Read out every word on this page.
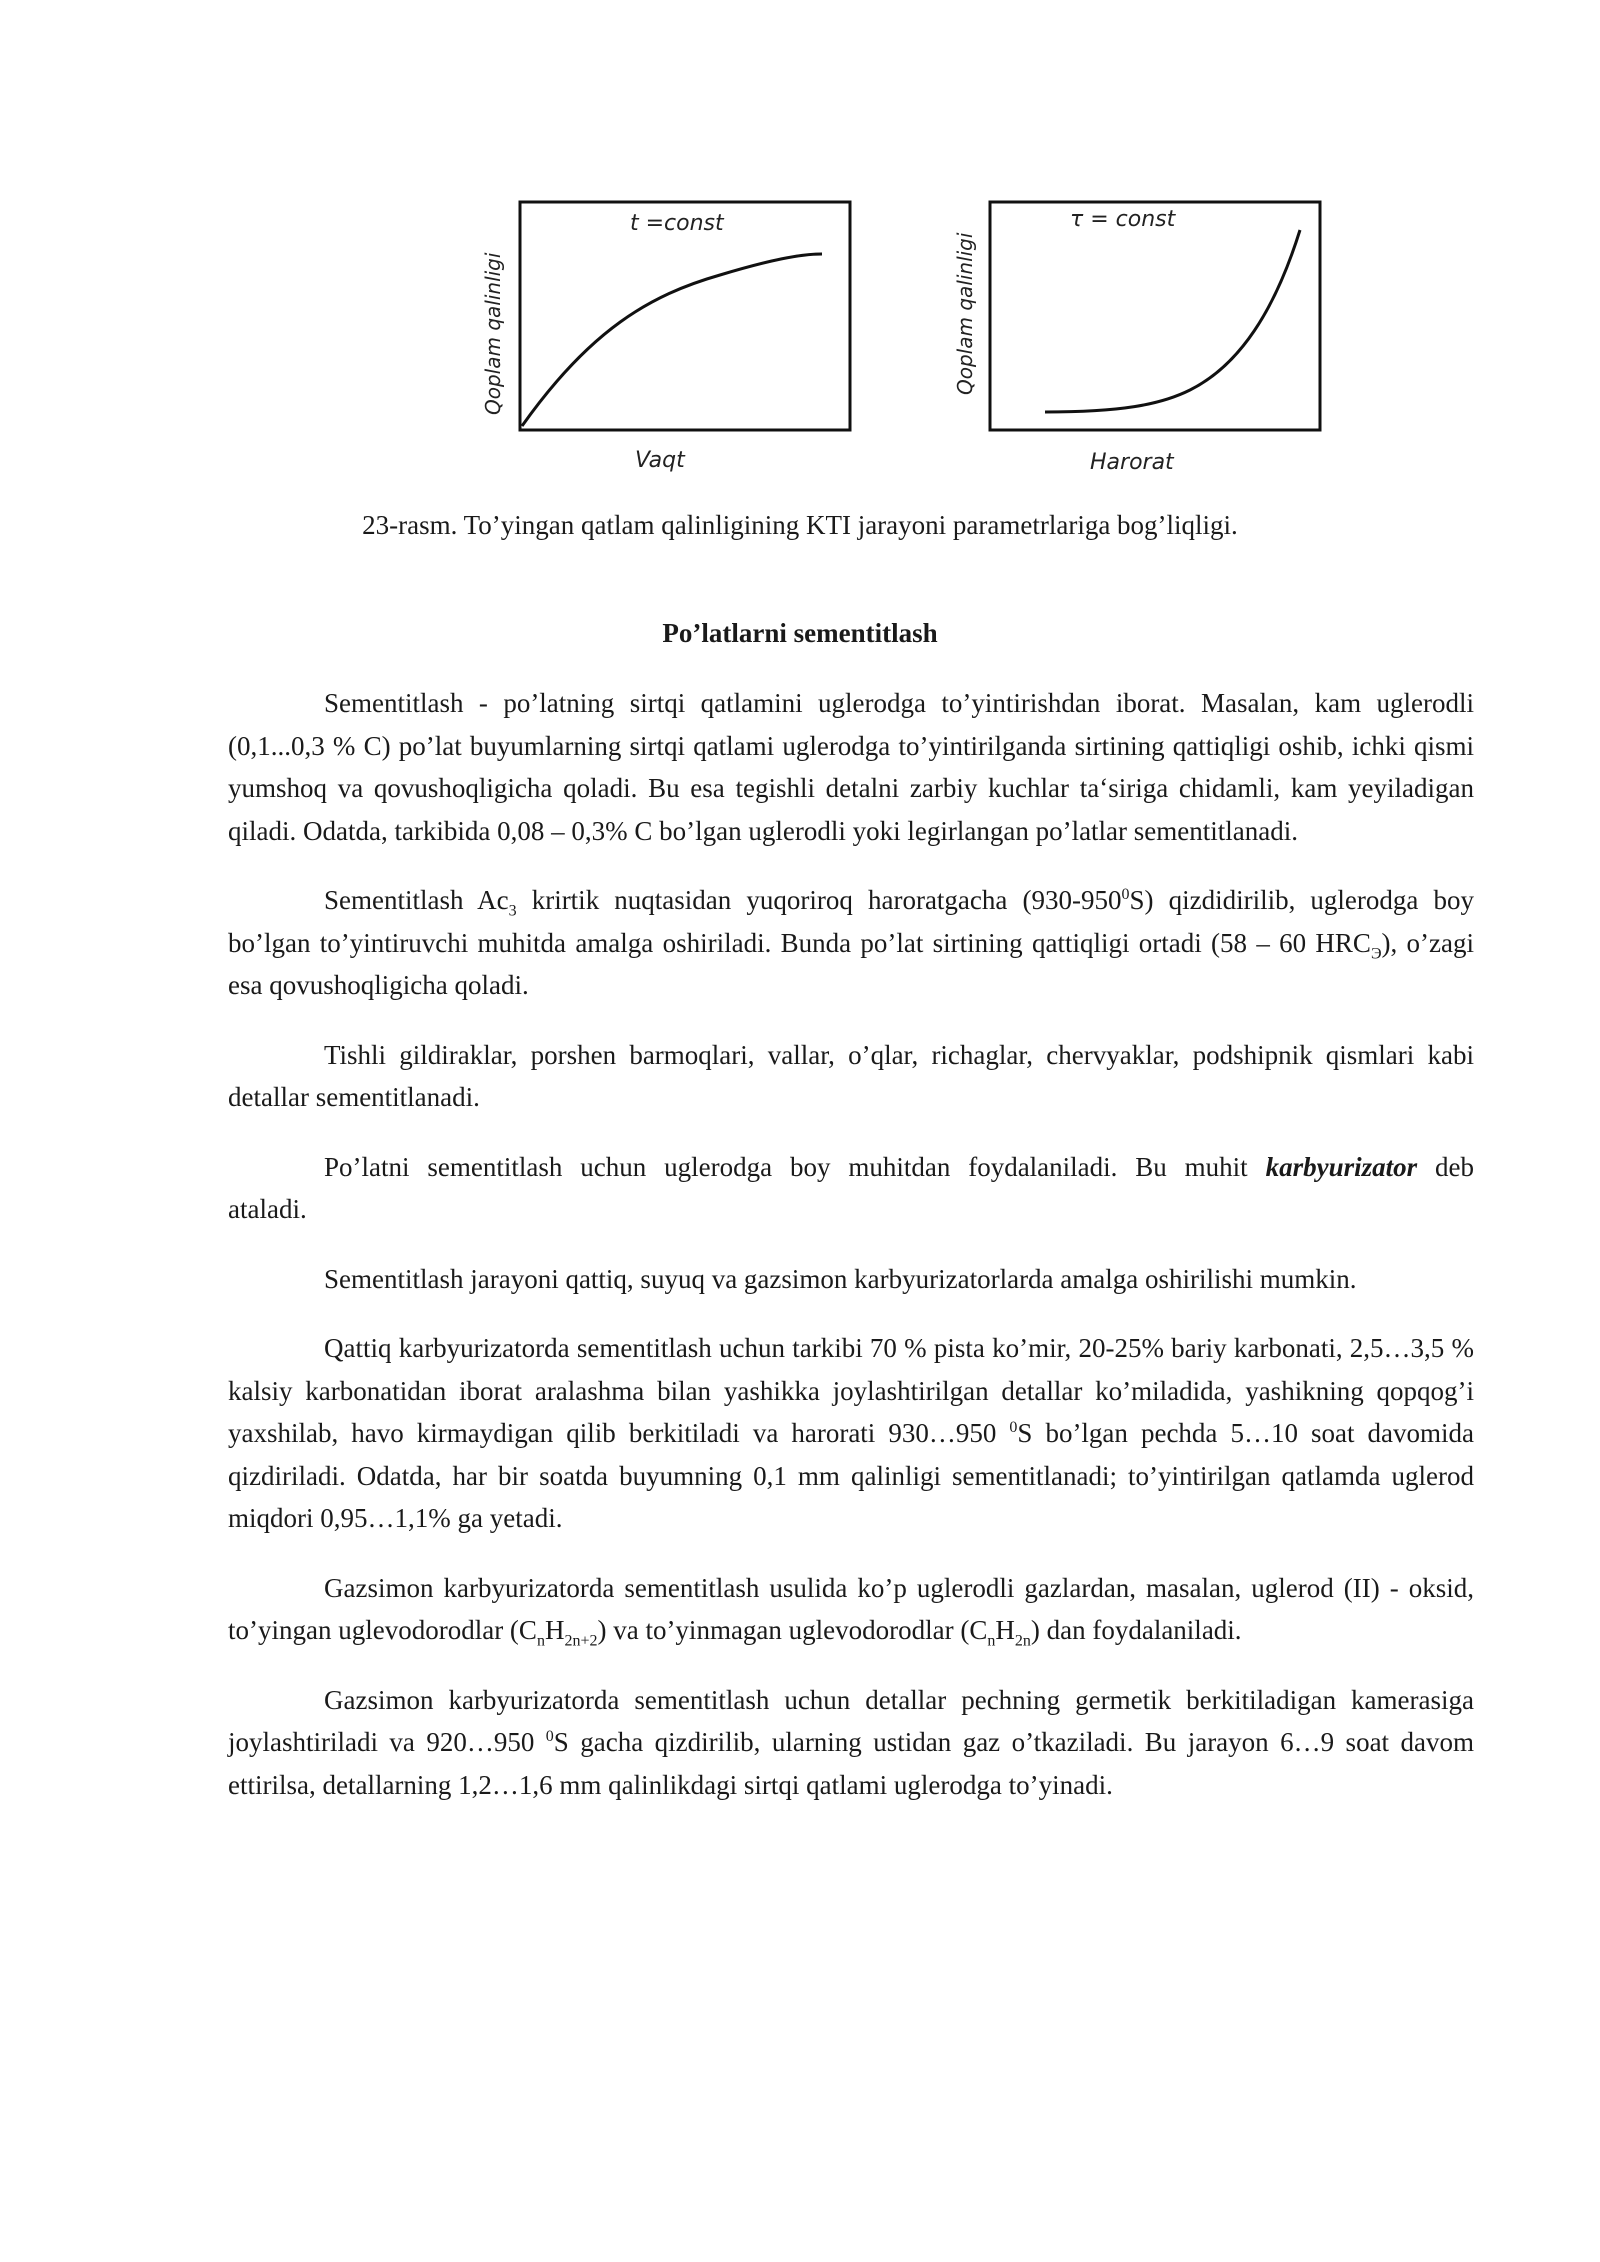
t =const
Qoplam qalinligi
Vaqt
τ = const
Qoplam qalinligi
Harorat
23-rasm. To’yingan qatlam qalinligining KTI jarayoni parametrlariga bog’liqligi.
Po’latlarni sementitlash

Sementitlash - po’latning sirtqi qatlamini uglerodga to’yintirishdan iborat. Masalan, kam uglerodli (0,1...0,3 % C) po’lat buyumlarning sirtqi qatlami uglerodga to’yintirilganda sirtining qattiqligi oshib, ichki qismi yumshoq va qovushoqligicha qoladi. Bu esa tegishli detalni zarbiy kuchlar ta‘siriga chidamli, kam yeyiladigan qiladi. Odatda, tarkibida 0,08 – 0,3% C bo’lgan uglerodli yoki legirlangan po’latlar sementitlanadi.

Sementitlash $Ac_3$ krirtik nuqtasidan yuqoriroq haroratgacha $(930-950^0S)$ qizdidirilib, uglerodga boy bo’lgan to’yintiruvchi muhitda amalga oshiriladi. Bunda po’lat sirtining qattiqligi ortadi (58 – 60 $HRC_Э$), o’zagi esa qovushoqligicha qoladi.

Tishli gildiraklar, porshen barmoqlari, vallar, o’qlar, richaglar, chervyaklar, podshipnik qismlari kabi detallar sementitlanadi.

Po’latni sementitlash uchun uglerodga boy muhitdan foydalaniladi. Bu muhit karbyurizator deb ataladi.

Sementitlash jarayoni qattiq, suyuq va gazsimon karbyurizatorlarda amalga oshirilishi mumkin.

Qattiq karbyurizatorda sementitlash uchun tarkibi 70 % pista ko’mir, 20-25% bariy karbonati, 2,5…3,5 % kalsiy karbonatidan iborat aralashma bilan yashikka joylashtirilgan detallar ko’miladida, yashikning qopqog’i yaxshilab, havo kirmaydigan qilib berkitiladi va harorati 930…950 $^0$S bo’lgan pechda 5…10 soat davomida qizdiriladi. Odatda, har bir soatda buyumning 0,1 mm qalinligi sementitlanadi; to’yintirilgan qatlamda uglerod miqdori 0,95…1,1% ga yetadi.

Gazsimon karbyurizatorda sementitlash usulida ko’p uglerodli gazlardan, masalan, uglerod (II) - oksid, to’yingan uglevodorodlar $(C_nH_{2n+2})$ va to’yinmagan uglevodorodlar $(C_nH_{2n})$ dan foydalaniladi.

Gazsimon karbyurizatorda sementitlash uchun detallar pechning germetik berkitiladigan kamerasiga joylashtiriladi va 920…950 $^0$S gacha qizdirilib, ularning ustidan gaz o’tkaziladi. Bu jarayon 6…9 soat davom ettirilsa, detallarning 1,2…1,6 mm qalinlikdagi sirtqi qatlami uglerodga to’yinadi.
